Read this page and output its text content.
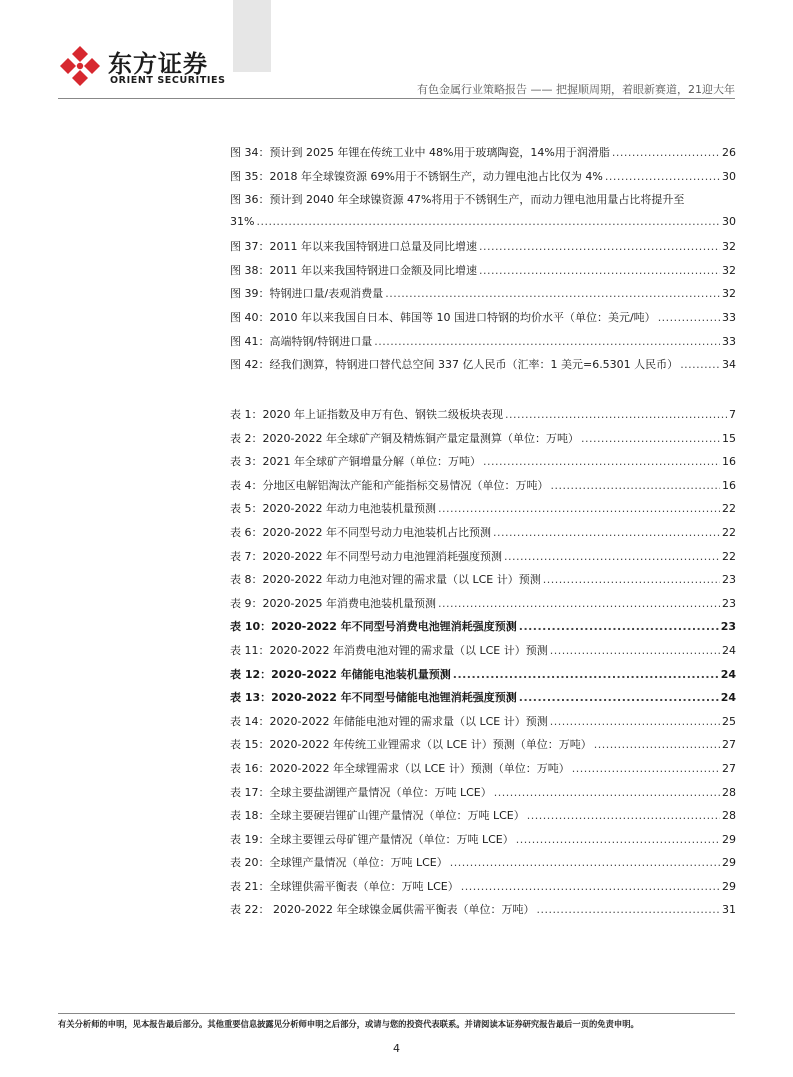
东方证券
ORIENT SECURITIES
有色金属行业策略报告 —— 把握顺周期，着眼新赛道，21迎大年
图 34：预计到 2025 年锂在传统工业中 48%用于玻璃陶瓷，14%用于润滑脂 .....	26
图 35：2018 年全球镍资源 69%用于不锈钢生产，动力锂电池占比仅为 4% .....	30
图 36：预计到 2040 年全球镍资源 47%将用于不锈钢生产，而动力锂电池用量占比将提升至
31% .....	30
图 37：2011 年以来我国特钢进口总量及同比增速 .....	32
图 38：2011 年以来我国特钢进口金额及同比增速 .....	32
图 39：特钢进口量/表观消费量 .....	32
图 40：2010 年以来我国自日本、韩国等 10 国进口特钢的均价水平（单位：美元/吨） .....	33
图 41：高端特钢/特钢进口量 .....	33
图 42：经我们测算，特钢进口替代总空间 337 亿人民币（汇率：1 美元=6.5301 人民币） .....	34
表 1：2020 年上证指数及申万有色、钢铁二级板块表现 .....	7
表 2：2020-2022 年全球矿产铜及精炼铜产量定量测算（单位：万吨） .....	15
表 3：2021 年全球矿产铜增量分解（单位：万吨） .....	16
表 4：分地区电解铝淘汰产能和产能指标交易情况（单位：万吨） .....	16
表 5：2020-2022 年动力电池装机量预测 .....	22
表 6：2020-2022 年不同型号动力电池装机占比预测 .....	22
表 7：2020-2022 年不同型号动力电池锂消耗强度预测 .....	22
表 8：2020-2022 年动力电池对锂的需求量（以 LCE 计）预测 .....	23
表 9：2020-2025 年消费电池装机量预测 .....	23
表 10：2020-2022 年不同型号消费电池锂消耗强度预测 .....	23
表 11：2020-2022 年消费电池对锂的需求量（以 LCE 计）预测 .....	24
表 12：2020-2022 年储能电池装机量预测 .....	24
表 13：2020-2022 年不同型号储能电池锂消耗强度预测 .....	24
表 14：2020-2022 年储能电池对锂的需求量（以 LCE 计）预测 .....	25
表 15：2020-2022 年传统工业锂需求（以 LCE 计）预测（单位：万吨） .....	27
表 16：2020-2022 年全球锂需求（以 LCE 计）预测（单位：万吨） .....	27
表 17：全球主要盐湖锂产量情况（单位：万吨 LCE） .....	28
表 18：全球主要硬岩锂矿山锂产量情况（单位：万吨 LCE） .....	28
表 19：全球主要锂云母矿锂产量情况（单位：万吨 LCE） .....	29
表 20：全球锂产量情况（单位：万吨 LCE） .....	29
表 21：全球锂供需平衡表（单位：万吨 LCE） .....	29
表 22： 2020-2022 年全球镍金属供需平衡表（单位：万吨） .....	31
有关分析师的申明，见本报告最后部分。其他重要信息披露见分析师申明之后部分，或请与您的投资代表联系。并请阅读本证券研究报告最后一页的免责申明。
4
